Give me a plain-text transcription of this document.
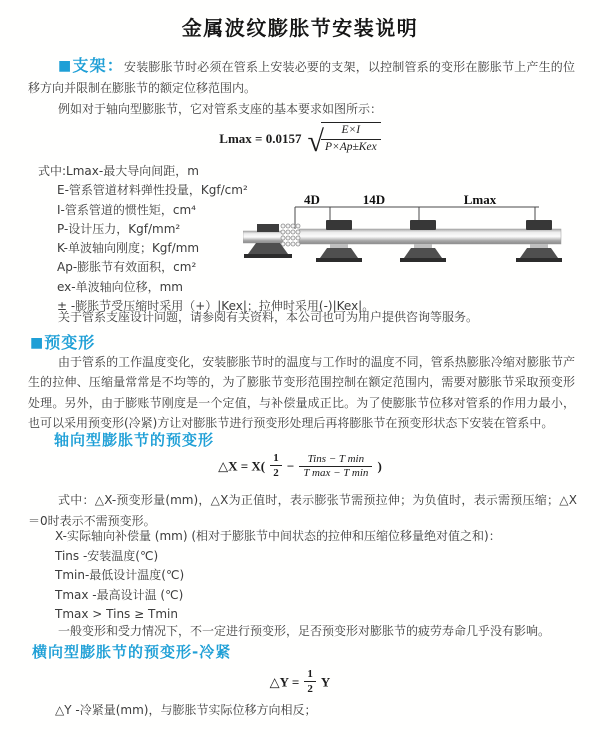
金属波纹膨胀节安装说明

■支架：安装膨胀节时必须在管系上安装必要的支架，以控制管系的变形在膨胀节上产生的位移方向并限制在膨胀节的额定位移范围内。

例如对于轴向型膨胀节，它对管系支座的基本要求如图所示：

Lmax = 0.0157 √
$\frac{E\times I}{\text{P×Ap±Kex}}$
式中:Lmax-最大导向间距，m
E-管系管道材料弹性投量，Kgf/cm²
I-管系管道的惯性矩，cm⁴
P-设计压力，Kgf/mm²
K-单波轴向刚度；Kgf/mm
Ap-膨胀节有效面积，cm²
ex-单波轴向位移，mm
± -膨胀节受压缩时采用（+）|Kex|；拉伸时采用(-)|Kex|。
4D	14D	Lmax

关于管系支座设计问题，请参阅有关资料，本公司也可为用户提供咨询等服务。

■预变形

由于管系的工作温度变化，安装膨胀节时的温度与工作时的温度不同，管系热膨胀冷缩对膨胀节产生的拉伸、压缩量常常是不均等的，为了膨胀节变形范围控制在额定范围内，需要对膨胀节采取预变形处理。另外，由于膨账节刚度是一个定值，与补偿量成正比。为了使膨胀节位移对管系的作用力最小，也可以采用预变形(冷紧)方让对膨胀节进行预变形处理后再将膨胀节在预变形状态下安装在管系中。

轴向型膨胀节的预变形
△X = $X( \frac{1}{2} - \frac{\text{Tins − T min}}{\text{T max − T min}}$ )

式中：△X-预变形量(mm)，△X为正值时，表示膨张节需预拉伸；为负值时，表示需预压缩；△X＝0时表示不需预变形。

X-实际轴向补偿量 (mm) (相对于膨胀节中间状态的拉伸和压缩位移量绝对值之和)：
Tins -安装温度(℃)
Tmin-最低设计温度(℃)
Tmax -最高设计温 (℃)
Tmax > Tins ≥ Tmin

一般变形和受力情况下，不一定进行预变形，足否预变形对膨胀节的疲劳寿命几乎没有影响。

横向型膨胀节的预变形-冷紧
△Y = $\frac{1}{2}$ Y

△Y -冷紧量(mm)，与膨胀节实际位移方向相反；
